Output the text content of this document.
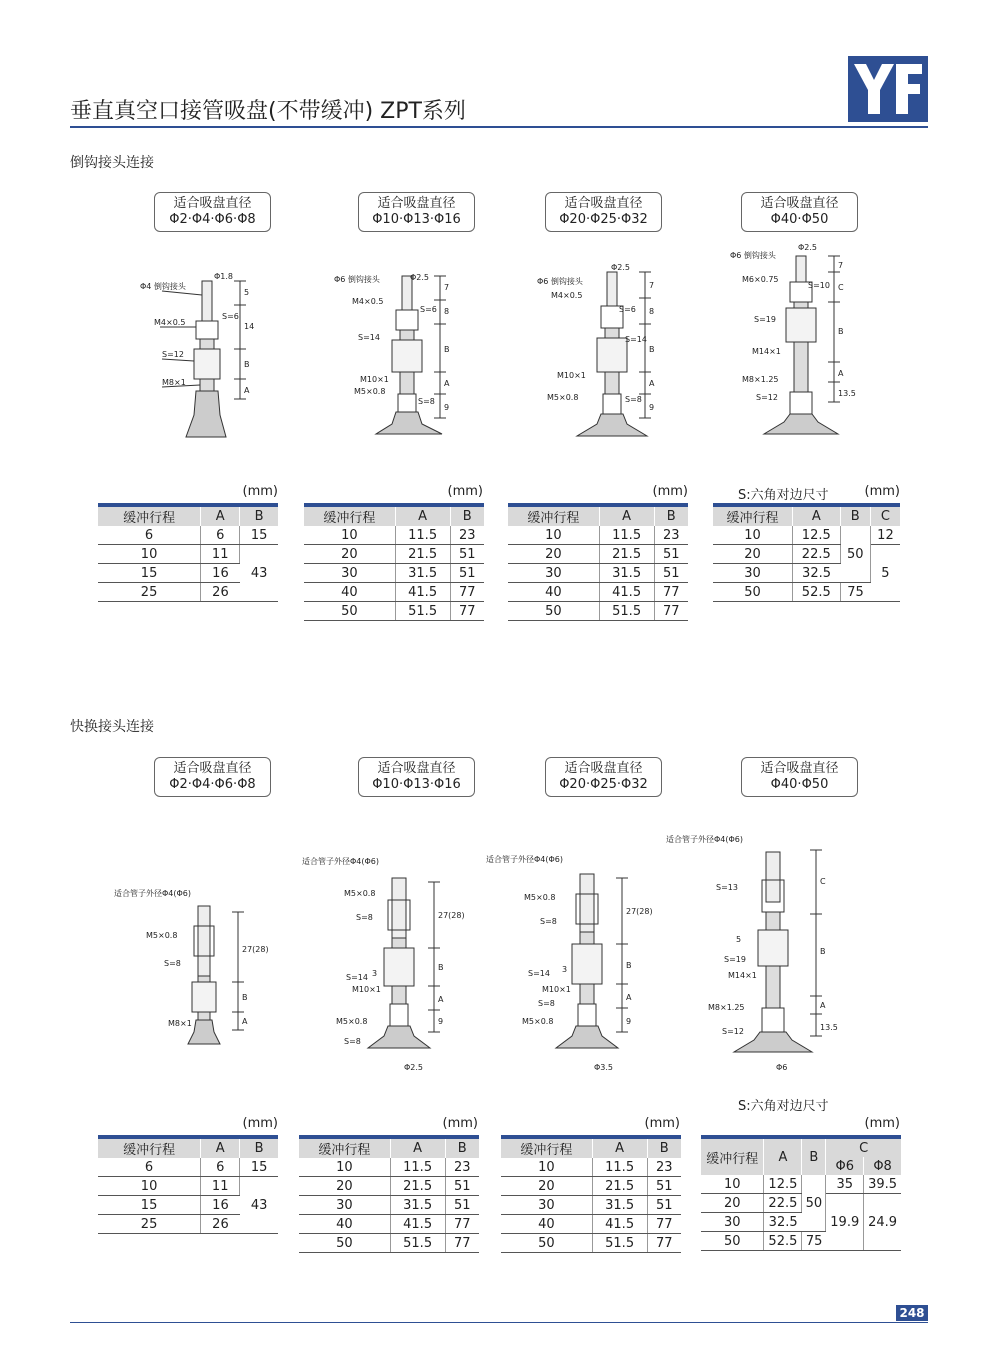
垂直真空口接管吸盘(不带缓冲) ZPT系列
倒钩接头连接
适合吸盘直径
Φ2·Φ4·Φ6·Φ8
适合吸盘直径
Φ10·Φ13·Φ16
适合吸盘直径
Φ20·Φ25·Φ32
适合吸盘直径
Φ40·Φ50
Φ4 倒钩接头
Φ1.8
M4×0.5
S=6
S=12
M8×1
5
14
B
A
Φ6 倒钩接头	Φ2.5
M4×0.5
S=6
S=14
M10×1
M5×0.8
S=8
7
8
B
A
9
Φ6 倒钩接头
Φ2.5
M4×0.5
S=6
S=14
M10×1
M5×0.8	S=8
7
8
B
A
9
Φ6 倒钩接头
Φ2.5
M6×0.75
S=10
S=19
M14×1
M8×1.25
S=12
7
C
B
A
13.5
(mm)
缓冲行程	A	B
6	6	15
10	11	43
15	16	
25	26	
(mm)
缓冲行程	A	B
10	11.5	23
20	21.5	51
30	31.5	51
40	41.5	77
50	51.5	77
(mm)
缓冲行程	A	B
10	11.5	23
20	21.5	51
30	31.5	51
40	41.5	77
50	51.5	77
S:六角对边尺寸	(mm)
缓冲行程	A	B	C
10	12.5	50	12
20	22.5		5
30	32.5		
50	52.5	75	
快换接头连接
适合吸盘直径
Φ2·Φ4·Φ6·Φ8
适合吸盘直径
Φ10·Φ13·Φ16
适合吸盘直径
Φ20·Φ25·Φ32
适合吸盘直径
Φ40·Φ50
适合管子外径Φ4(Φ6)
M5×0.8
S=8
M8×1
27(28)
B
A
适合管子外径Φ4(Φ6)
M5×0.8
S=8
S=14
M10×1
M5×0.8
S=8
Φ2.5
27(28)
3
B
A
9
适合管子外径Φ4(Φ6)
M5×0.8
S=8
S=14
M10×1
S=8
M5×0.8
Φ3.5
27(28)
3	B
A
9
适合管子外径Φ4(Φ6)
S=13
S=19
M14×1
M8×1.25
S=12
Φ6
5
C
B
A
13.5
(mm)
缓冲行程	A	B
6	6	15
10	11	43
15	16	
25	26	
(mm)
缓冲行程	A	B
10	11.5	23
20	21.5	51
30	31.5	51
40	41.5	77
50	51.5	77
(mm)
缓冲行程	A	B
10	11.5	23
20	21.5	51
30	31.5	51
40	41.5	77
50	51.5	77
S:六角对边尺寸
(mm)
缓冲行程	A	B	C	
			Φ6	Φ8
10	12.5	50	35	39.5
20	22.5		19.9	24.9
30	32.5			
50	52.5	75		
248
